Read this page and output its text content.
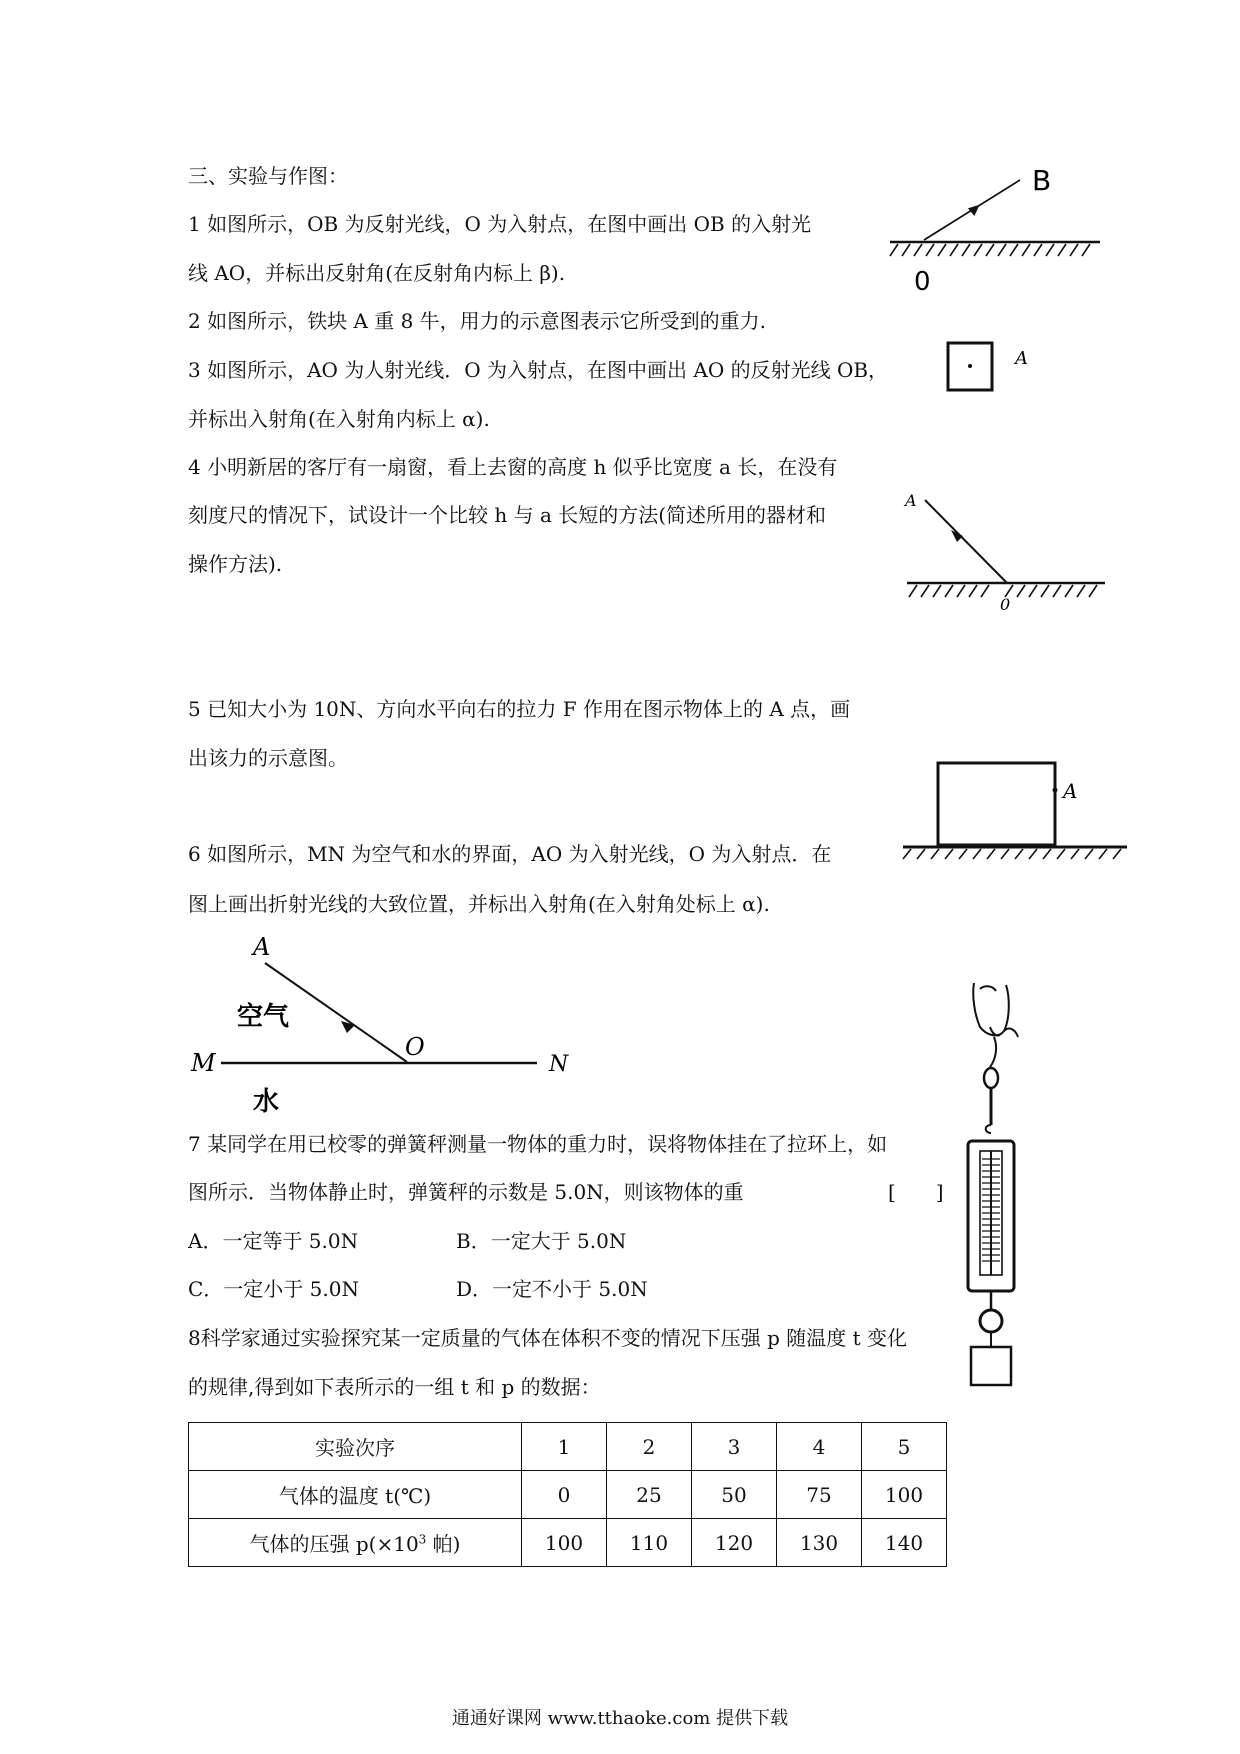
三、实验与作图：
1 如图所示，OB 为反射光线，O 为入射点，在图中画出 OB 的入射光
线 AO，并标出反射角(在反射角内标上 β).
2 如图所示，铁块 A 重 8 牛，用力的示意图表示它所受到的重力.
3 如图所示，AO 为人射光线．O 为入射点，在图中画出 AO 的反射光线 OB，
并标出入射角(在入射角内标上 α).
4 小明新居的客厅有一扇窗，看上去窗的高度 h 似乎比宽度 a 长，在没有
刻度尺的情况下，试设计一个比较 h 与 a 长短的方法(简述所用的器材和
操作方法).
5 已知大小为 10N、方向水平向右的拉力 F 作用在图示物体上的 A 点，画
出该力的示意图。
6 如图所示，MN 为空气和水的界面，AO 为入射光线，O 为入射点．在
图上画出折射光线的大致位置，并标出入射角(在入射角处标上 α).
7 某同学在用已校零的弹簧秤测量一物体的重力时，误将物体挂在了拉环上，如
图所示．当物体静止时，弹簧秤的示数是 5.0N，则该物体的重	[　　]
A．一定等于 5.0N	B．一定大于 5.0N
C．一定小于 5.0N	D．一定不小于 5.0N
8科学家通过实验探究某一定质量的气体在体积不变的情况下压强 p 随温度 t 变化
的规律,得到如下表所示的一组 t 和 p 的数据：
实验次序	1	2	3	4	5
气体的温度 t(℃)	0	25	50	75	100
气体的压强 $p(\times 10^3$ 帕)	100	110	120	130	140
B
0
A
A
0
A
A
空气
M
O
N
水
通通好课网 www.tthaoke.com 提供下载
